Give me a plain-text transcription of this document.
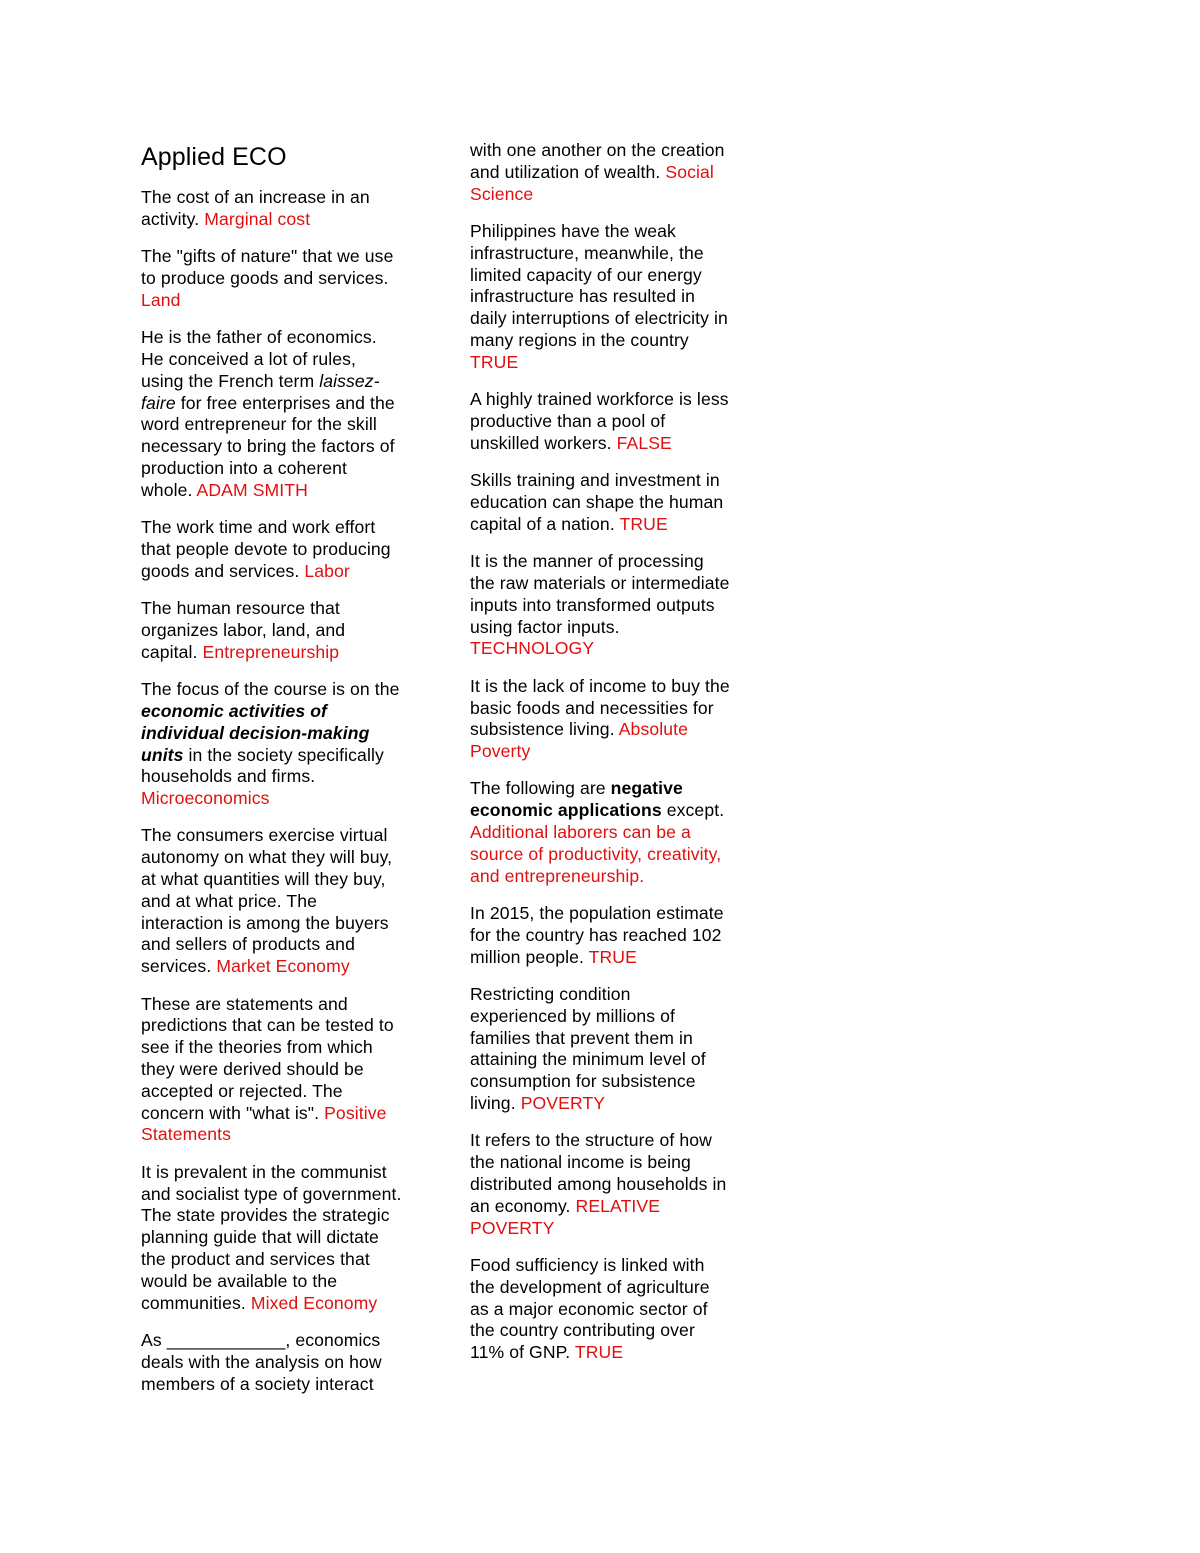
Applied ECO

The cost of an increase in an activity. Marginal cost

The "gifts of nature" that we use to produce goods and services. Land

He is the father of economics. He conceived a lot of rules, using the French term laissez-faire for free enterprises and the word entrepreneur for the skill necessary to bring the factors of production into a coherent whole. ADAM SMITH

The work time and work effort that people devote to producing goods and services. Labor

The human resource that organizes labor, land, and capital. Entrepreneurship

The focus of the course is on the economic activities of individual decision-making units in the society specifically households and firms. Microeconomics

The consumers exercise virtual autonomy on what they will buy, at what quantities will they buy, and at what price. The interaction is among the buyers and sellers of products and services. Market Economy

These are statements and predictions that can be tested to see if the theories from which they were derived should be accepted or rejected. The concern with "what is". Positive Statements

It is prevalent in the communist and socialist type of government. The state provides the strategic planning guide that will dictate the product and services that would be available to the communities. Mixed Economy

As ____________, economics deals with the analysis on how members of a society interact

with one another on the creation and utilization of wealth. Social Science

Philippines have the weak infrastructure, meanwhile, the limited capacity of our energy infrastructure has resulted in daily interruptions of electricity in many regions in the country TRUE

A highly trained workforce is less productive than a pool of unskilled workers. FALSE

Skills training and investment in education can shape the human capital of a nation. TRUE

It is the manner of processing the raw materials or intermediate inputs into transformed outputs using factor inputs. TECHNOLOGY

It is the lack of income to buy the basic foods and necessities for subsistence living. Absolute Poverty

The following are negative economic applications except. Additional laborers can be a source of productivity, creativity, and entrepreneurship.

In 2015, the population estimate for the country has reached 102 million people. TRUE

Restricting condition experienced by millions of families that prevent them in attaining the minimum level of consumption for subsistence living. POVERTY

It refers to the structure of how the national income is being distributed among households in an economy. RELATIVE POVERTY

Food sufficiency is linked with the development of agriculture as a major economic sector of the country contributing over 11% of GNP. TRUE
